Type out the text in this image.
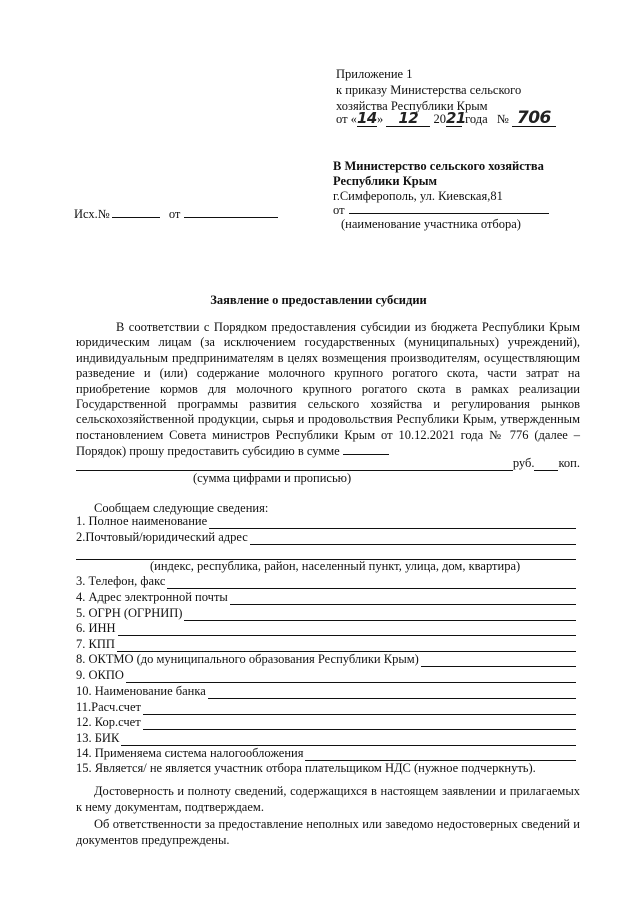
Приложение 1
к приказу Министерства сельского
хозяйства Республики Крым
от «14» 12 2021 года № 706
В Министерство сельского хозяйства
Республики Крым
г.Симферополь, ул. Киевская,81
от
(наименование участника отбора)
Исх.№	от
Заявление о предоставлении субсидии
В соответствии с Порядком предоставления субсидии из бюджета Республики Крым юридическим лицам (за исключением государственных (муниципальных) учреждений), индивидуальным предпринимателям в целях возмещения производителям, осуществляющим разведение и (или) содержание молочного крупного рогатого скота, части затрат на приобретение кормов для молочного крупного рогатого скота в рамках реализации Государственной программы развития сельского хозяйства и регулирования рынков сельскохозяйственной продукции, сырья и продовольствия Республики Крым, утвержденным постановлением Совета министров Республики Крым от 10.12.2021 года № 776 (далее – Порядок) прошу предоставить субсидию в сумме
руб. коп.
(сумма цифрами и прописью)
Сообщаем следующие сведения:
1. Полное наименование
2.Почтовый/юридический адрес
(индекс, республика, район, населенный пункт, улица, дом, квартира)
3. Телефон, факс
4. Адрес электронной почты
5. ОГРН (ОГРНИП)
6. ИНН
7. КПП
8. ОКТМО (до муниципального образования Республики Крым)
9. ОКПО
10. Наименование банка
11.Расч.счет
12. Кор.счет
13. БИК
14. Применяема система налогообложения
15. Является/ не является участник отбора плательщиком НДС (нужное подчеркнуть).
Достоверность и полноту сведений, содержащихся в настоящем заявлении и прилагаемых к нему документам, подтверждаем.
Об ответственности за предоставление неполных или заведомо недостоверных сведений и документов предупреждены.
